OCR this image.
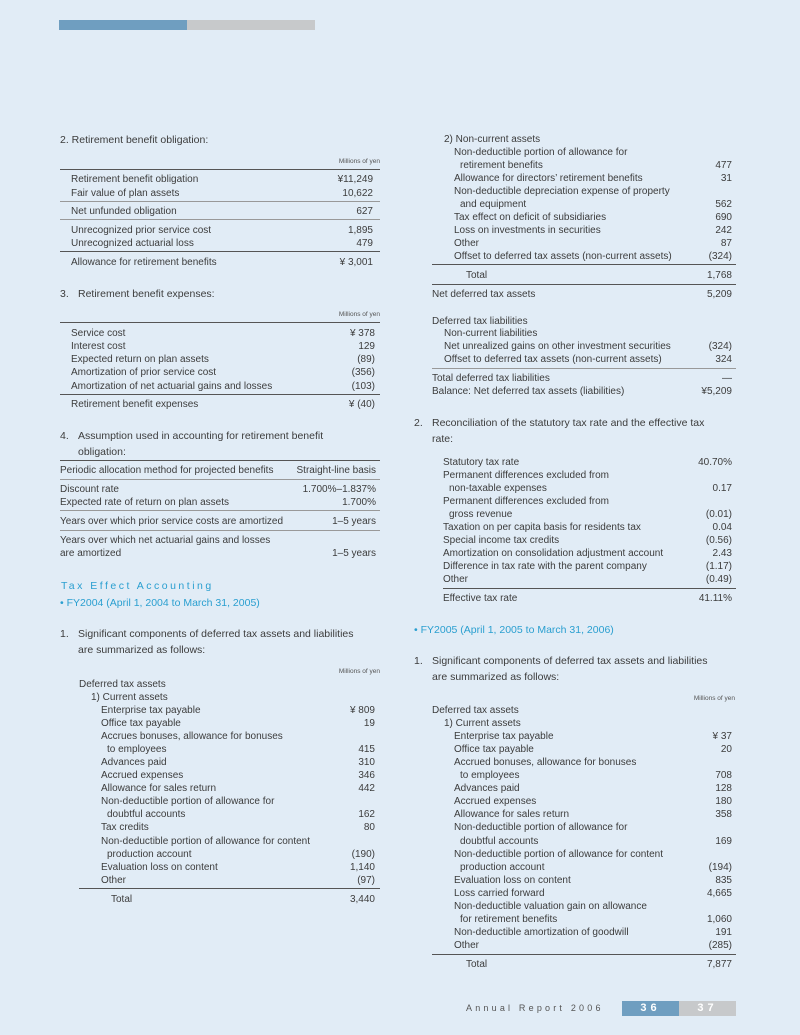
2. Retirement benefit obligation:
Millions of yen
Retirement benefit obligation	¥11,249
Fair value of plan assets	10,622
Net unfunded obligation	627
Unrecognized prior service cost	1,895
Unrecognized actuarial loss	479
Allowance for retirement benefits	¥ 3,001
3. Retirement benefit expenses:
Millions of yen
Service cost	¥ 378
Interest cost	129
Expected return on plan assets	(89)
Amortization of prior service cost	(356)
Amortization of net actuarial gains and losses	(103)
Retirement benefit expenses	¥ (40)
4. Assumption used in accounting for retirement benefit
obligation:
Periodic allocation method for projected benefits Straight-line basis
Discount rate	1.700%–1.837%
Expected rate of return on plan assets	1.700%
Years over which prior service costs are amortized	1–5 years
Years over which net actuarial gains and losses
are amortized	1–5 years
Tax Effect Accounting
• FY2004 (April 1, 2004 to March 31, 2005)
1. Significant components of deferred tax assets and liabilities
are summarized as follows:
Millions of yen
Deferred tax assets
1) Current assets
Enterprise tax payable	¥ 809
Office tax payable	19
Accrues bonuses, allowance for bonuses
to employees	415
Advances paid	310
Accrued expenses	346
Allowance for sales return	442
Non-deductible portion of allowance for
doubtful accounts	162
Tax credits	80
Non-deductible portion of allowance for content
production account	(190)
Evaluation loss on content	1,140
Other	(97)
Total	3,440
2) Non-current assets
Non-deductible portion of allowance for
retirement benefits	477
Allowance for directors’ retirement benefits	31
Non-deductible depreciation expense of property
and equipment	562
Tax effect on deficit of subsidiaries	690
Loss on investments in securities	242
Other	87
Offset to deferred tax assets (non-current assets)	(324)
Total	1,768
Net deferred tax assets	5,209
Deferred tax liabilities
Non-current liabilities
Net unrealized gains on other investment securities	(324)
Offset to deferred tax assets (non-current assets)	324
Total deferred tax liabilities	—
Balance: Net deferred tax assets (liabilities)	¥5,209
2. Reconciliation of the statutory tax rate and the effective tax
rate:
Statutory tax rate	40.70%
Permanent differences excluded from
non-taxable expenses	0.17
Permanent differences excluded from
gross revenue	(0.01)
Taxation on per capita basis for residents tax	0.04
Special income tax credits	(0.56)
Amortization on consolidation adjustment account	2.43
Difference in tax rate with the parent company	(1.17)
Other	(0.49)
Effective tax rate	41.11%
• FY2005 (April 1, 2005 to March 31, 2006)
1. Significant components of deferred tax assets and liabilities
are summarized as follows:
Millions of yen
Deferred tax assets
1) Current assets
Enterprise tax payable	¥ 37
Office tax payable	20
Accrued bonuses, allowance for bonuses
to employees	708
Advances paid	128
Accrued expenses	180
Allowance for sales return	358
Non-deductible portion of allowance for
doubtful accounts	169
Non-deductible portion of allowance for content
production account	(194)
Evaluation loss on content	835
Loss carried forward	4,665
Non-deductible valuation gain on allowance
for retirement benefits	1,060
Non-deductible amortization of goodwill	191
Other	(285)
Total	7,877
Annual Report 2006	36	37
